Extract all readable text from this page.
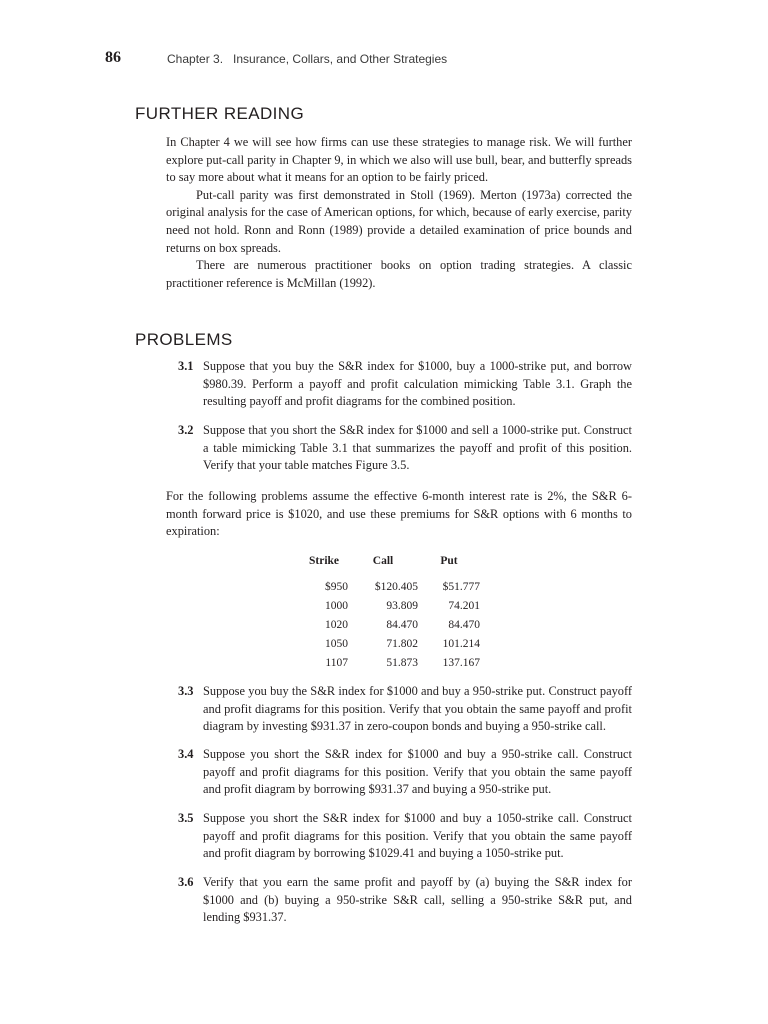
86	Chapter 3.   Insurance, Collars, and Other Strategies
FURTHER READING

In Chapter 4 we will see how firms can use these strategies to manage risk. We will further explore put-call parity in Chapter 9, in which we also will use bull, bear, and butterfly spreads to say more about what it means for an option to be fairly priced.

Put-call parity was first demonstrated in Stoll (1969). Merton (1973a) corrected the original analysis for the case of American options, for which, because of early exercise, parity need not hold. Ronn and Ronn (1989) provide a detailed examination of price bounds and returns on box spreads.

There are numerous practitioner books on option trading strategies. A classic practitioner reference is McMillan (1992).

PROBLEMS
3.1 Suppose that you buy the S&R index for $1000, buy a 1000-strike put, and borrow $980.39. Perform a payoff and profit calculation mimicking Table 3.1. Graph the resulting payoff and profit diagrams for the combined position.
3.2 Suppose that you short the S&R index for $1000 and sell a 1000-strike put. Construct a table mimicking Table 3.1 that summarizes the payoff and profit of this position. Verify that your table matches Figure 3.5.

For the following problems assume the effective 6-month interest rate is 2%, the S&R 6-month forward price is $1020, and use these premiums for S&R options with 6 months to expiration:

Strike	Call	Put
$950	$120.405	$51.777
1000	93.809	74.201
1020	84.470	84.470
1050	71.802	101.214
1107	51.873	137.167
3.3 Suppose you buy the S&R index for $1000 and buy a 950-strike put. Construct payoff and profit diagrams for this position. Verify that you obtain the same payoff and profit diagram by investing $931.37 in zero-coupon bonds and buying a 950-strike call.
3.4 Suppose you short the S&R index for $1000 and buy a 950-strike call. Construct payoff and profit diagrams for this position. Verify that you obtain the same payoff and profit diagram by borrowing $931.37 and buying a 950-strike put.
3.5 Suppose you short the S&R index for $1000 and buy a 1050-strike call. Construct payoff and profit diagrams for this position. Verify that you obtain the same payoff and profit diagram by borrowing $1029.41 and buying a 1050-strike put.
3.6 Verify that you earn the same profit and payoff by (a) buying the S&R index for $1000 and (b) buying a 950-strike S&R call, selling a 950-strike S&R put, and lending $931.37.
